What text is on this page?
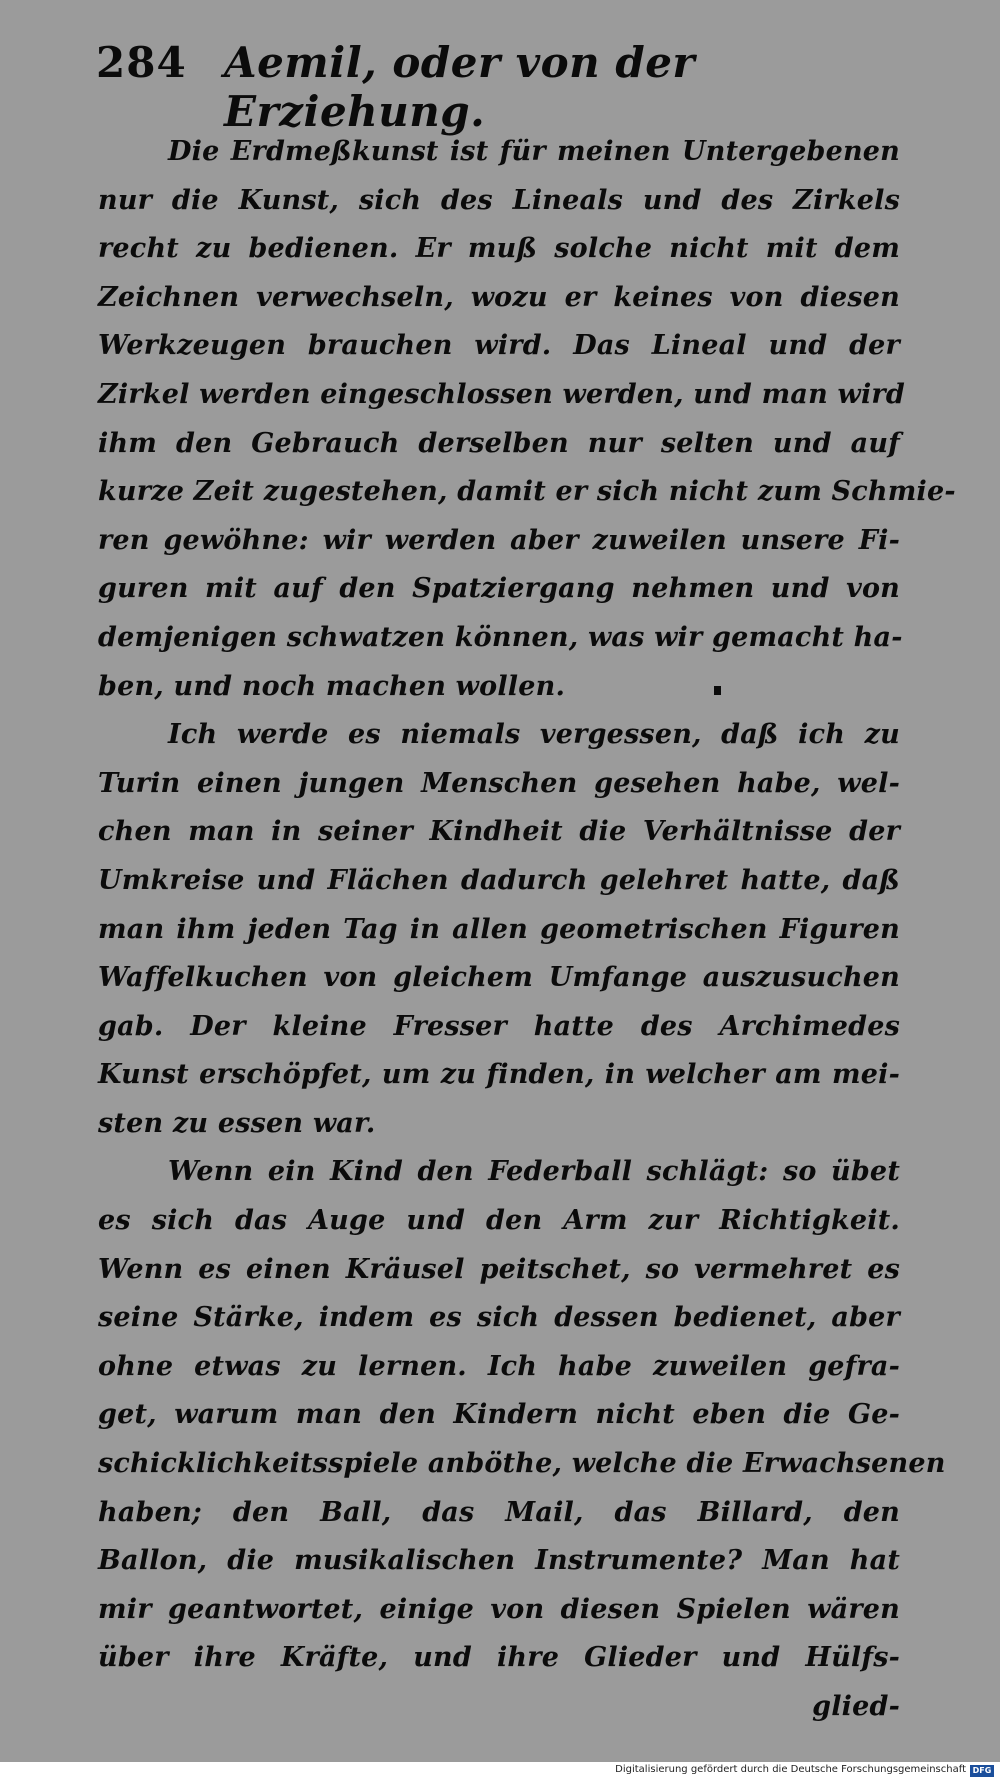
284 Aemil, oder von der Erziehung.
Die Erdmeßkunst ist für meinen Untergebenen
nur die Kunst, sich des Lineals und des Zirkels
recht zu bedienen. Er muß solche nicht mit dem
Zeichnen verwechseln, wozu er keines von diesen
Werkzeugen brauchen wird. Das Lineal und der
Zirkel werden eingeschlossen werden, und man wird
ihm den Gebrauch derselben nur selten und auf
kurze Zeit zugestehen, damit er sich nicht zum Schmie-
ren gewöhne: wir werden aber zuweilen unsere Fi-
guren mit auf den Spatziergang nehmen und von
demjenigen schwatzen können, was wir gemacht ha-
ben, und noch machen wollen.
Ich werde es niemals vergessen, daß ich zu
Turin einen jungen Menschen gesehen habe, wel-
chen man in seiner Kindheit die Verhältnisse der
Umkreise und Flächen dadurch gelehret hatte, daß
man ihm jeden Tag in allen geometrischen Figuren
Waffelkuchen von gleichem Umfange auszusuchen
gab. Der kleine Fresser hatte des Archimedes
Kunst erschöpfet, um zu finden, in welcher am mei-
sten zu essen war.
Wenn ein Kind den Federball schlägt: so übet
es sich das Auge und den Arm zur Richtigkeit.
Wenn es einen Kräusel peitschet, so vermehret es
seine Stärke, indem es sich dessen bedienet, aber
ohne etwas zu lernen. Ich habe zuweilen gefra-
get, warum man den Kindern nicht eben die Ge-
schicklichkeitsspiele anböthe, welche die Erwachsenen
haben; den Ball, das Mail, das Billard, den
Ballon, die musikalischen Instrumente? Man hat
mir geantwortet, einige von diesen Spielen wären
über ihre Kräfte, und ihre Glieder und Hülfs-
glied-
Digitalisierung gefördert durch die Deutsche Forschungsgemeinschaft DFG
